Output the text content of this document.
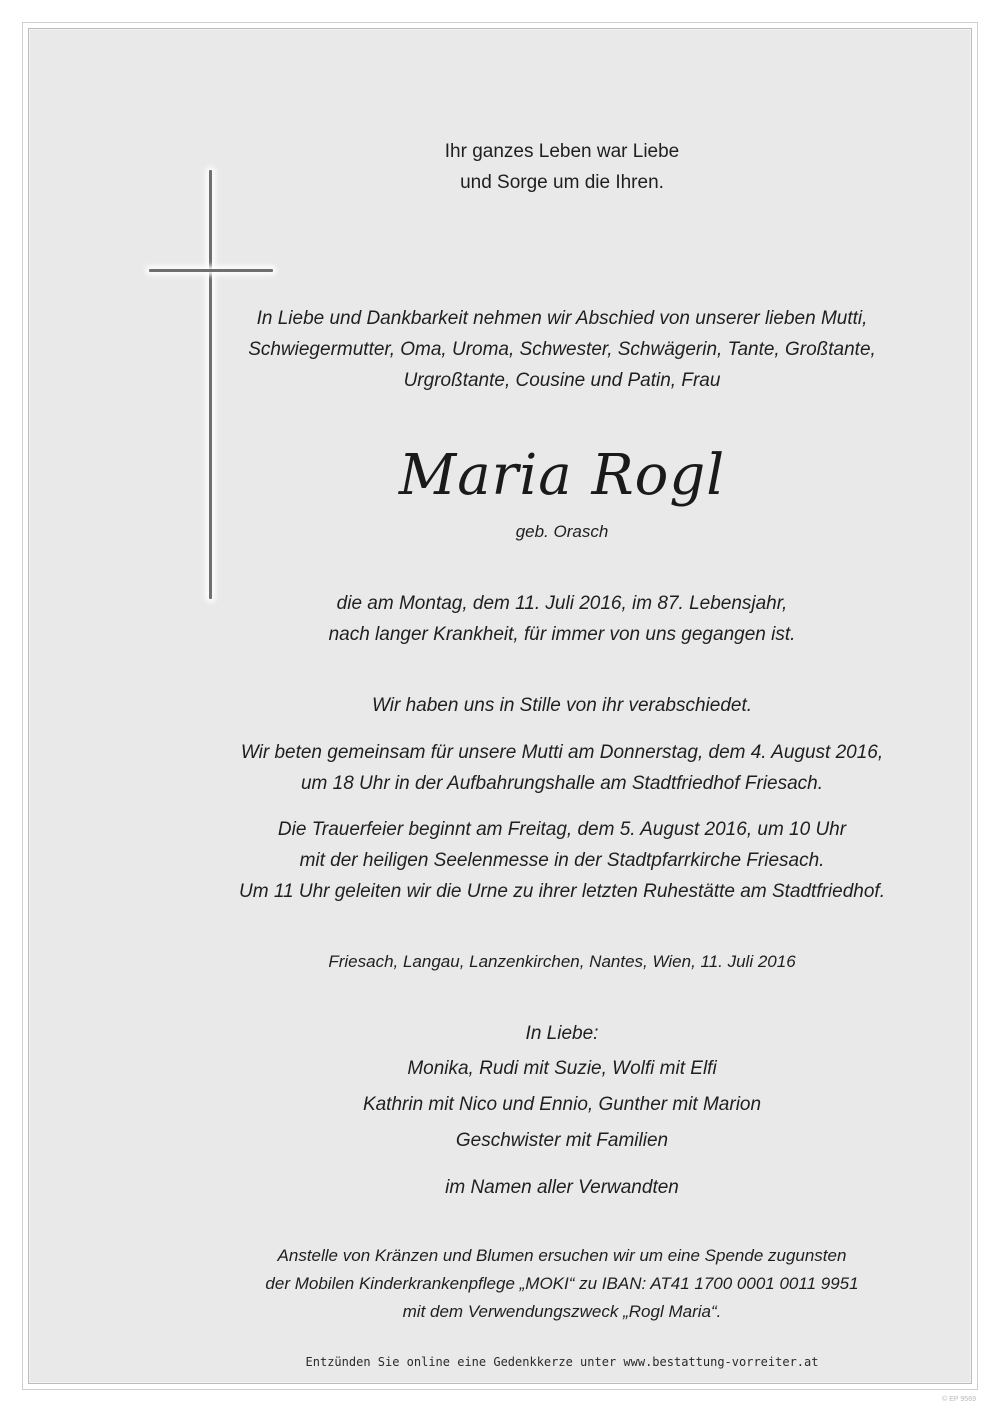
Ihr ganzes Leben war Liebe
und Sorge um die Ihren.
In Liebe und Dankbarkeit nehmen wir Abschied von unserer lieben Mutti,
Schwiegermutter, Oma, Uroma, Schwester, Schwägerin, Tante, Großtante,
Urgroßtante, Cousine und Patin, Frau
Maria Rogl
geb. Orasch
die am Montag, dem 11. Juli 2016, im 87. Lebensjahr,
nach langer Krankheit, für immer von uns gegangen ist.
Wir haben uns in Stille von ihr verabschiedet.
Wir beten gemeinsam für unsere Mutti am Donnerstag, dem 4. August 2016,
um 18 Uhr in der Aufbahrungshalle am Stadtfriedhof Friesach.
Die Trauerfeier beginnt am Freitag, dem 5. August 2016, um 10 Uhr
mit der heiligen Seelenmesse in der Stadtpfarrkirche Friesach.
Um 11 Uhr geleiten wir die Urne zu ihrer letzten Ruhestätte am Stadtfriedhof.
Friesach, Langau, Lanzenkirchen, Nantes, Wien, 11. Juli 2016
In Liebe:
Monika, Rudi mit Suzie, Wolfi mit Elfi
Kathrin mit Nico und Ennio, Gunther mit Marion
Geschwister mit Familien
im Namen aller Verwandten
Anstelle von Kränzen und Blumen ersuchen wir um eine Spende zugunsten
der Mobilen Kinderkrankenpflege „MOKI“ zu IBAN: AT41 1700 0001 0011 9951
mit dem Verwendungszweck „Rogl Maria“.
Entzünden Sie online eine Gedenkkerze unter www.bestattung-vorreiter.at
© EP 9569
